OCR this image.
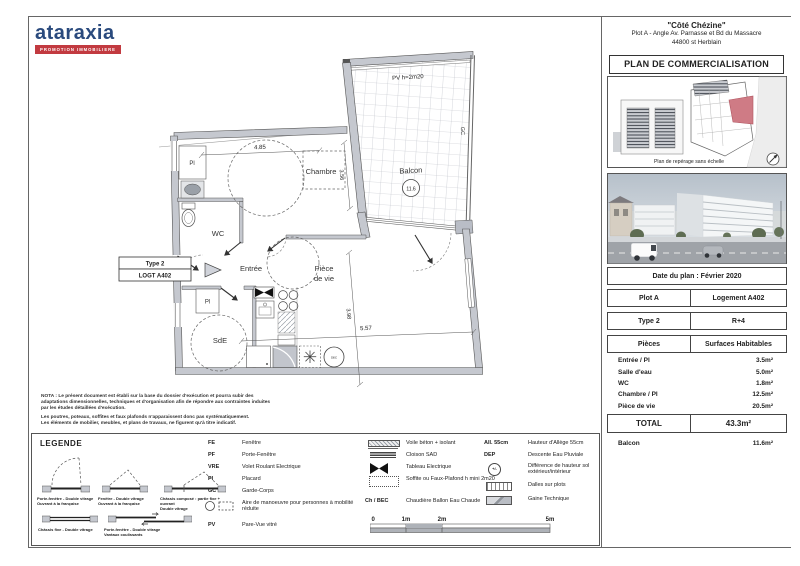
ataraxia
PROMOTION IMMOBILIERE
PV h=2m20
Balcon
11.6
GC
Pl
Pl
sec
4.85
3.56
5.57
3.98
Chambre
WC
Entrée	Pièce
de vie
SdE
Type 2
LOGT A402
NOTA : Le présent document est établi sur la base du dossier d'exécution et pourra subir des
adaptations dimensionnelles, techniques et d'organisation afin de répondre aux contraintes induites
par les études détaillées d'exécution.
Les poutres, poteaux, soffites et faux plafonds n'apparaissent donc pas systématiquement.
Les éléments de mobilier, meubles, et plans de travaux, ne figurent qu'à titre indicatif.
LEGENDE
Porte-fenêtre - Double vitrage
Ouvrant à la française
Fenêtre - Double vitrage
Ouvrant à la française
Châssis composé : partie fixe + ouvrant
Double vitrage
Châssis fixe - Double vitrage	Porte-fenêtre - Double vitrage
Vantaux coulissants
FE	Fenêtre
PF	Porte-Fenêtre
VRE	Volet Roulant Electrique
Pl	Placard
GC	Garde-Corps
Aire de manoeuvre pour personnes à mobilité réduite
PV	Pare-Vue vitré
Voile béton + isolant
Cloison SAD
Tableau Electrique
Soffite ou Faux-Plafond h mini 2m20
Ch / BEC	Chaudière Ballon Eau Chaude
All. 55cm	Hauteur d'Allège 55cm
DEP	Descente Eau Pluviale
+/-	Différence de hauteur sol extérieur/intérieur
Dalles sur plots
Gaine Technique
0	1m	2m	5m
"Côté Chézine"
Plot A - Angle Av. Parnasse et Bd du Massacre
44800 st Herblain
PLAN DE COMMERCIALISATION
Plan de repérage sans échelle
Date du plan : Février 2020
Plot A	Logement A402
Type 2	R+4
Pièces	Surfaces Habitables
Entrée / Pl	3.5m²
Salle d'eau	5.0m²
WC	1.8m²
Chambre / Pl	12.5m²
Pièce de vie	20.5m²
TOTAL	43.3m²
Balcon	11.6m²
